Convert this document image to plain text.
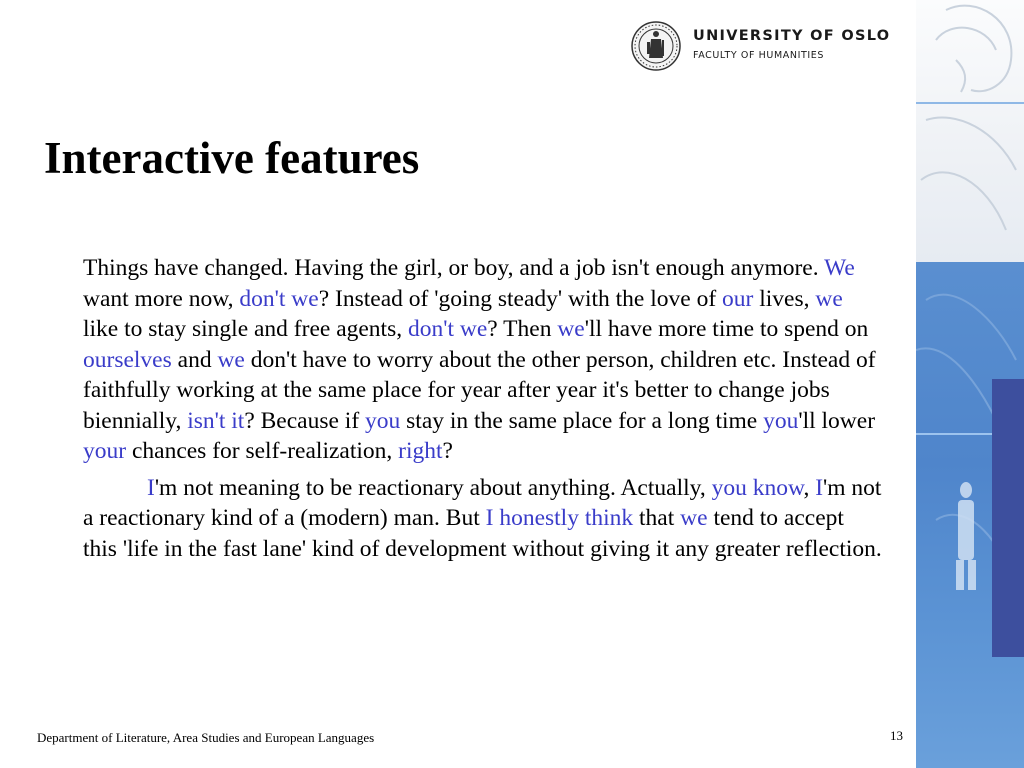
UNIVERSITY OF OSLO
FACULTY OF HUMANITIES
Interactive features

Things have changed. Having the girl, or boy, and a job isn't enough anymore. We want more now, don't we? Instead of 'going steady' with the love of our lives, we like to stay single and free agents, don't we? Then we'll have more time to spend on ourselves and we don't have to worry about the other person, children etc. Instead of faithfully working at the same place for year after year it's better to change jobs biennially, isn't it? Because if you stay in the same place for a long time you'll lower your chances for self-realization, right?

I'm not meaning to be reactionary about anything. Actually, you know, I'm not a reactionary kind of a (modern) man. But I honestly think that we tend to accept this 'life in the fast lane' kind of development without giving it any greater reflection.

Department of Literature, Area Studies and European Languages	13
